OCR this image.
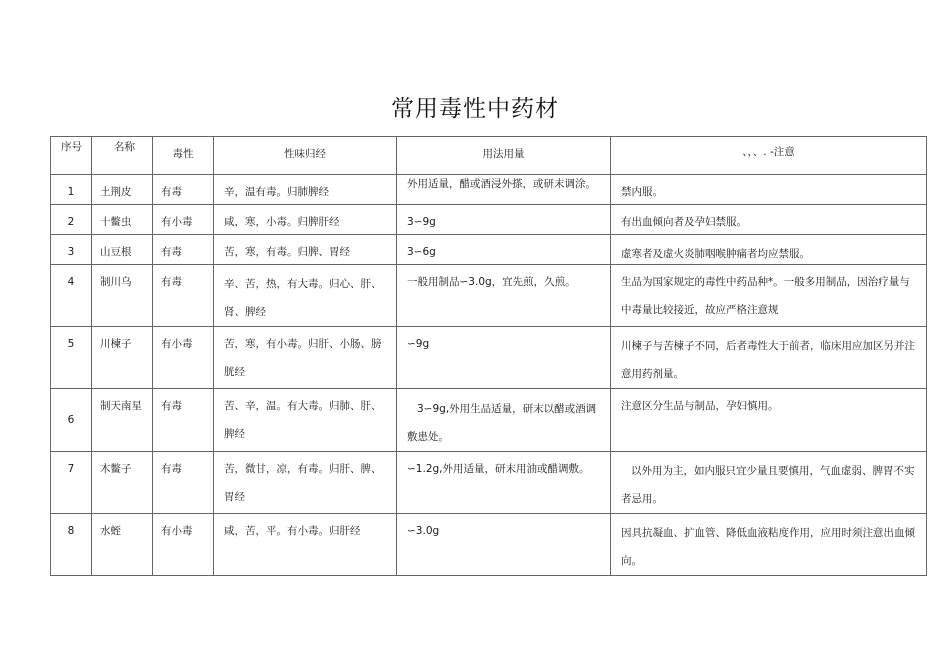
常用毒性中药材
序号	名称	毒性	性味归经	用法用量	、，、. -注意
1	土荆皮	有毒	辛，温有毒。归肺脾经	外用适量，醋或酒浸外搽，或研末调涂。	禁内服。
2	十鳖虫	有小毒	咸，寒，小毒。归脾肝经	3∽9g	有出血倾向者及孕妇禁服。
3	山豆根	有毒	苦，寒，有毒。归脾、胃经	3∽6g	虚寒者及虚火炎肺咽喉肿痛者均应禁服。
4	制川乌	有毒	辛、苦，热，有大毒。归心、肝、肾、脾经	一般用制品∽3.0g，宜先煎，久煎。	生品为国家规定的毒性中药品种*。一般多用制品，因治疗量与中毒量比较接近，故应严格注意规
5	川楝子	有小毒	苦，寒，有小毒。归肝、小肠、膀胱经	∽9g	川楝子与苦楝子不同，后者毒性大于前者，临床用应加区另并注意用药剂量。
6	制天南星	有毒	苦、辛，温。有大毒。归肺、肝、脾经	3∽9g,外用生品适量，研末以醋或酒调敷患处。	注意区分生品与制品，孕妇慎用。
7	木鳖子	有毒	苦，微甘，凉，有毒。归肝、脾、胃经	∽1.2g,外用适量，研末用油或醋调敷。	以外用为主，如内服只宜少量且要慎用，气血虚弱、脾胃不实者忌用。
8	水蛭	有小毒	咸，苦，平。有小毒。归肝经	∽3.0g	因具抗凝血、扩血管、降低血液粘度作用，应用时须注意出血倾向。
